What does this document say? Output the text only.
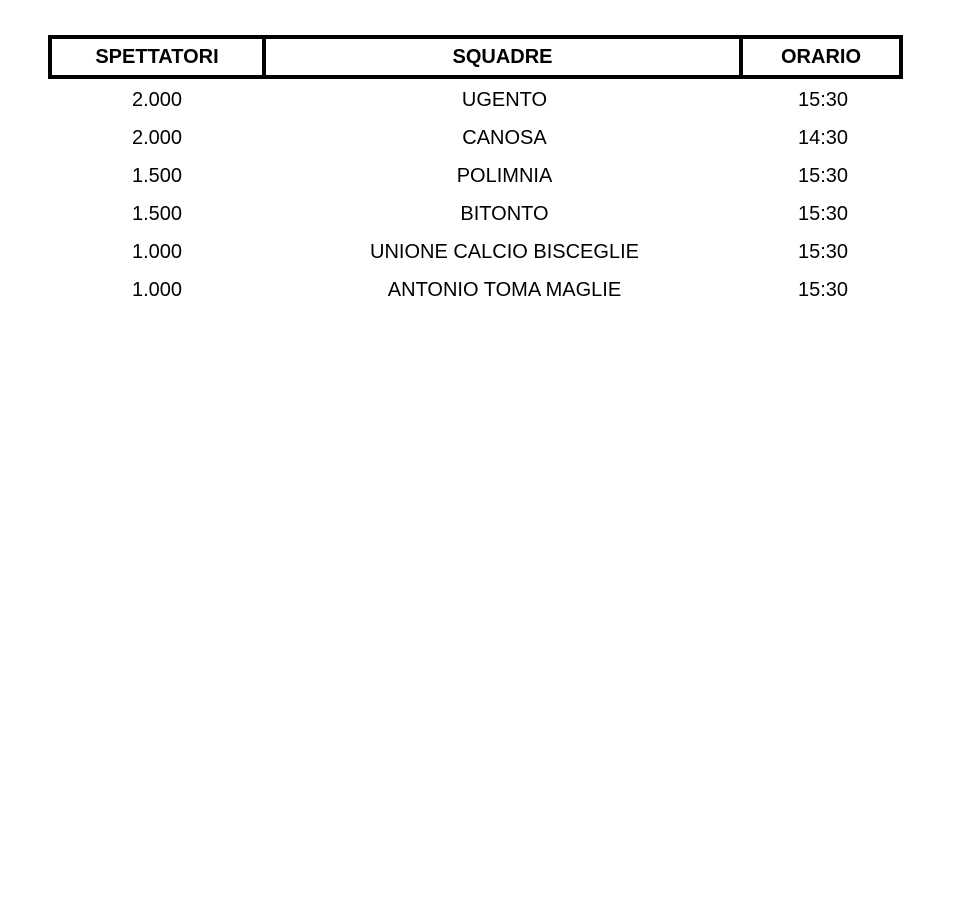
SPETTATORI	SQUADRE	ORARIO
2.000	UGENTO	15:30
2.000	CANOSA	14:30
1.500	POLIMNIA	15:30
1.500	BITONTO	15:30
1.000	UNIONE CALCIO BISCEGLIE	15:30
1.000	ANTONIO TOMA MAGLIE	15:30
